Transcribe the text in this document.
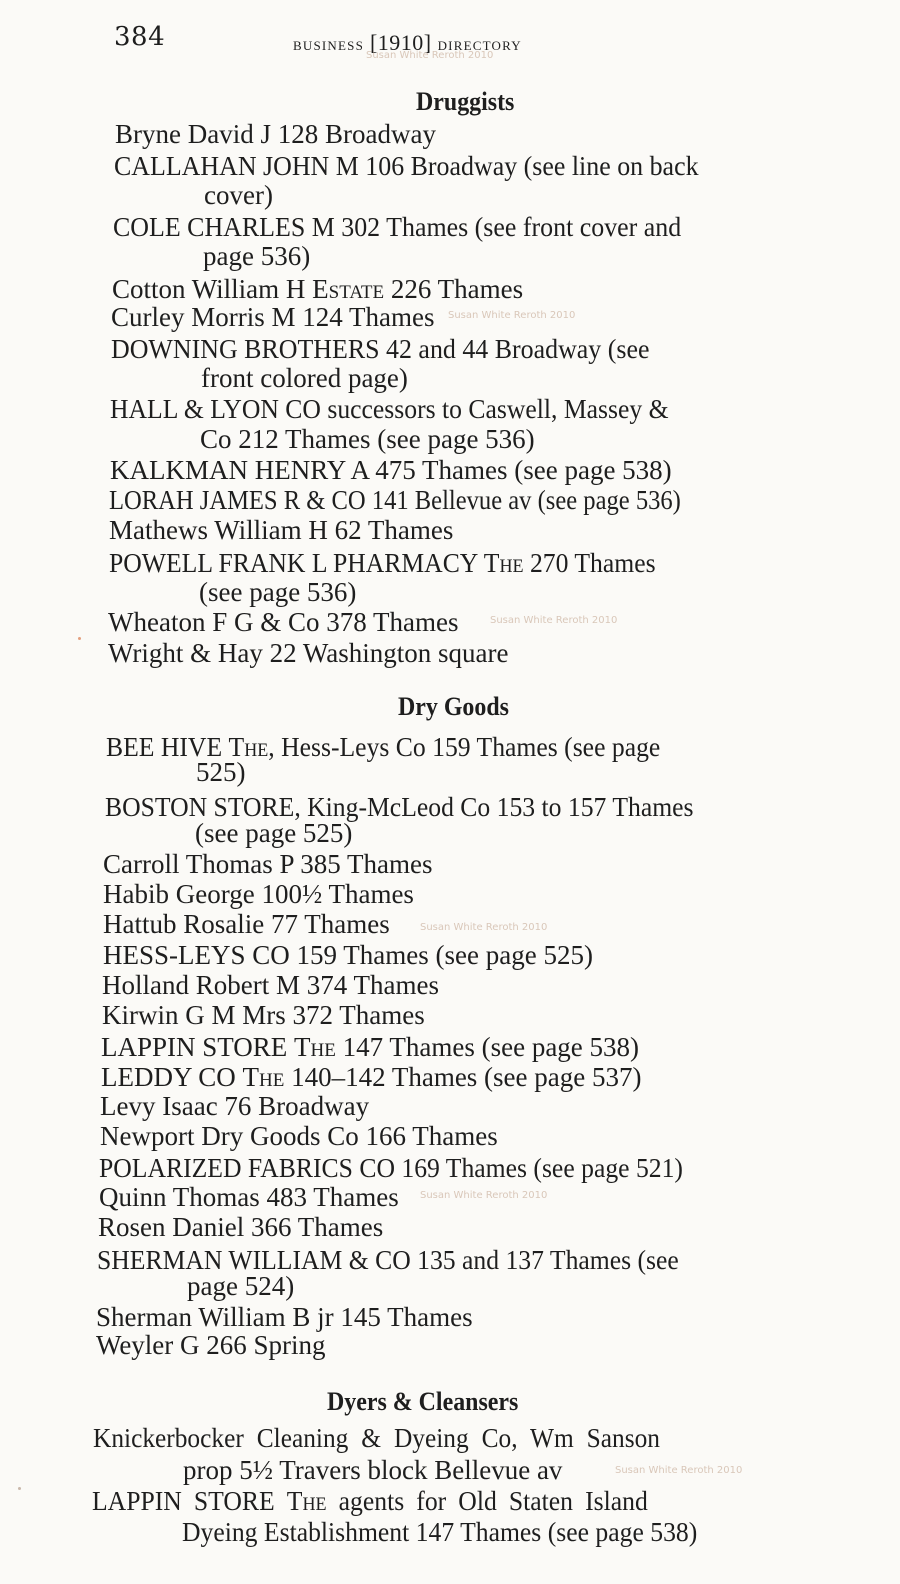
384	business [1910] directory
Susan White Reroth 2010
Susan White Reroth 2010
Susan White Reroth 2010
Susan White Reroth 2010
Susan White Reroth 2010
Susan White Reroth 2010
Druggists
Bryne David J 128 Broadway
CALLAHAN JOHN M 106 Broadway (see line on back
cover)
COLE CHARLES M 302 Thames (see front cover and
page 536)
Cotton William H Estate 226 Thames
Curley Morris M 124 Thames
DOWNING BROTHERS 42 and 44 Broadway (see
front colored page)
HALL & LYON CO successors to Caswell, Massey &
Co 212 Thames (see page 536)
KALKMAN HENRY A 475 Thames (see page 538)
LORAH JAMES R & CO 141 Bellevue av (see page 536)
Mathews William H 62 Thames
POWELL FRANK L PHARMACY The 270 Thames
(see page 536)
Wheaton F G & Co 378 Thames
Wright & Hay 22 Washington square
Dry Goods
BEE HIVE The, Hess-Leys Co 159 Thames (see page
525)
BOSTON STORE, King-McLeod Co 153 to 157 Thames
(see page 525)
Carroll Thomas P 385 Thames
Habib George 100½ Thames
Hattub Rosalie 77 Thames
HESS-LEYS CO 159 Thames (see page 525)
Holland Robert M 374 Thames
Kirwin G M Mrs 372 Thames
LAPPIN STORE The 147 Thames (see page 538)
LEDDY CO The 140–142 Thames (see page 537)
Levy Isaac 76 Broadway
Newport Dry Goods Co 166 Thames
POLARIZED FABRICS CO 169 Thames (see page 521)
Quinn Thomas 483 Thames
Rosen Daniel 366 Thames
SHERMAN WILLIAM & CO 135 and 137 Thames (see
page 524)
Sherman William B jr 145 Thames
Weyler G 266 Spring
Dyers & Cleansers
Knickerbocker Cleaning & Dyeing Co, Wm Sanson
prop 5½ Travers block Bellevue av
LAPPIN STORE The agents for Old Staten Island
Dyeing Establishment 147 Thames (see page 538)
